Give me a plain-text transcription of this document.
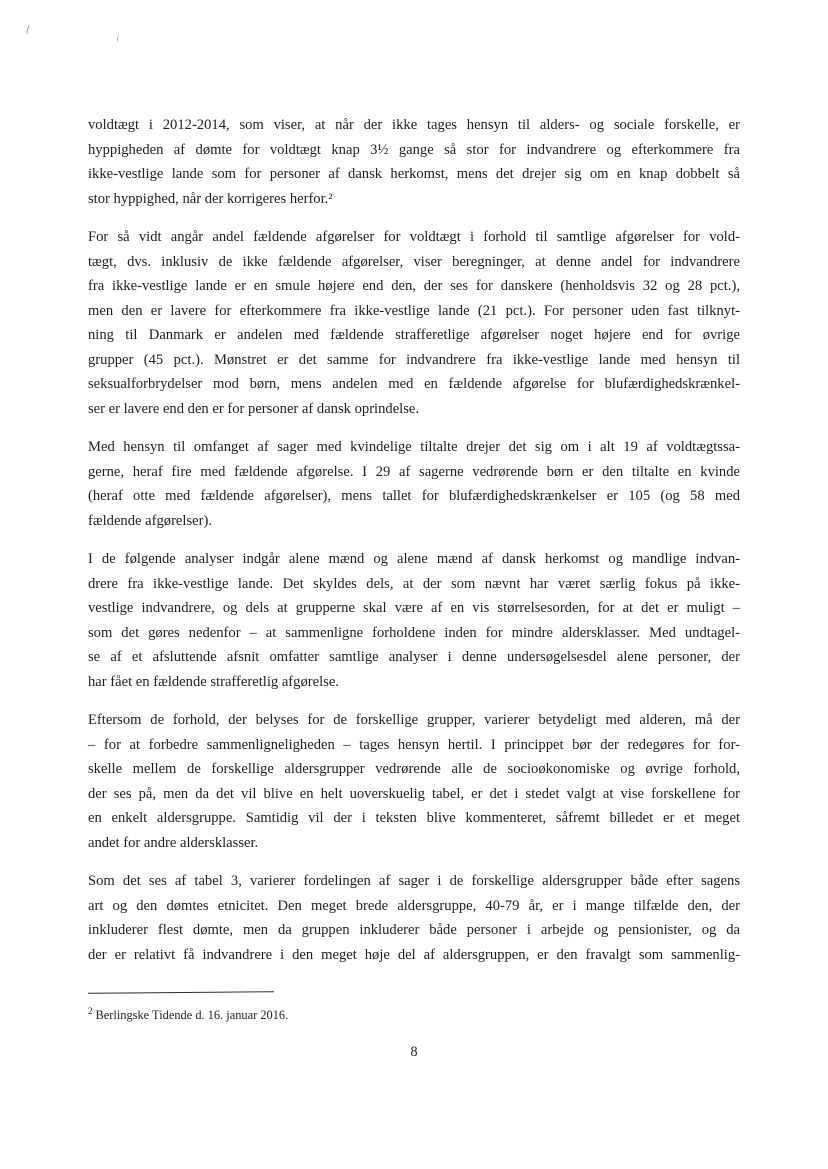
voldtægt i 2012-2014, som viser, at når der ikke tages hensyn til alders- og sociale forskelle, er
hyppigheden af dømte for voldtægt knap 3½ gange så stor for indvandrere og efterkommere fra
ikke-vestlige lande som for personer af dansk herkomst, mens det drejer sig om en knap dobbelt så
stor hyppighed, når der korrigeres herfor.²
For så vidt angår andel fældende afgørelser for voldtægt i forhold til samtlige afgørelser for vold-
tægt, dvs. inklusiv de ikke fældende afgørelser, viser beregninger, at denne andel for indvandrere
fra ikke-vestlige lande er en smule højere end den, der ses for danskere (henholdsvis 32 og 28 pct.),
men den er lavere for efterkommere fra ikke-vestlige lande (21 pct.). For personer uden fast tilknyt-
ning til Danmark er andelen med fældende strafferetlige afgørelser noget højere end for øvrige
grupper (45 pct.). Mønstret er det samme for indvandrere fra ikke-vestlige lande med hensyn til
seksualforbrydelser mod børn, mens andelen med en fældende afgørelse for blufærdighedskrænkel-
ser er lavere end den er for personer af dansk oprindelse.
Med hensyn til omfanget af sager med kvindelige tiltalte drejer det sig om i alt 19 af voldtægtssa-
gerne, heraf fire med fældende afgørelse. I 29 af sagerne vedrørende børn er den tiltalte en kvinde
(heraf otte med fældende afgørelser), mens tallet for blufærdighedskrænkelser er 105 (og 58 med
fældende afgørelser).
I de følgende analyser indgår alene mænd og alene mænd af dansk herkomst og mandlige indvan-
drere fra ikke-vestlige lande. Det skyldes dels, at der som nævnt har været særlig fokus på ikke-
vestlige indvandrere, og dels at grupperne skal være af en vis størrelsesorden, for at det er muligt –
som det gøres nedenfor – at sammenligne forholdene inden for mindre aldersklasser. Med undtagel-
se af et afsluttende afsnit omfatter samtlige analyser i denne undersøgelsesdel alene personer, der
har fået en fældende strafferetlig afgørelse.
Eftersom de forhold, der belyses for de forskellige grupper, varierer betydeligt med alderen, må der
– for at forbedre sammenligneligheden – tages hensyn hertil. I princippet bør der redegøres for for-
skelle mellem de forskellige aldersgrupper vedrørende alle de socioøkonomiske og øvrige forhold,
der ses på, men da det vil blive en helt uoverskuelig tabel, er det i stedet valgt at vise forskellene for
en enkelt aldersgruppe. Samtidig vil der i teksten blive kommenteret, såfremt billedet er et meget
andet for andre aldersklasser.
Som det ses af tabel 3, varierer fordelingen af sager i de forskellige aldersgrupper både efter sagens
art og den dømtes etnicitet. Den meget brede aldersgruppe, 40-79 år, er i mange tilfælde den, der
inkluderer flest dømte, men da gruppen inkluderer både personer i arbejde og pensionister, og da
der er relativt få indvandrere i den meget høje del af aldersgruppen, er den fravalgt som sammenlig-
$^2$ Berlingske Tidende d. 16. januar 2016.
8
